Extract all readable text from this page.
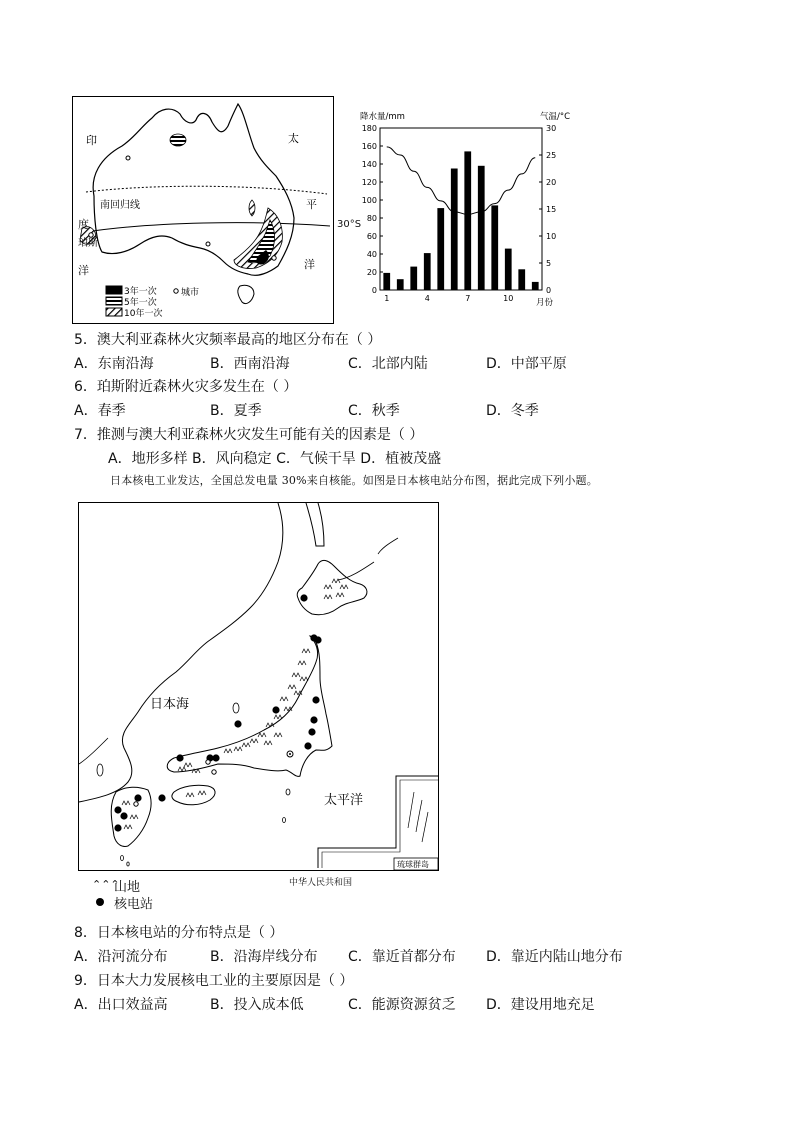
印
度
洋
太
平
洋
南回归线
珀斯
3年一次
5年一次
10年一次
城市
30°S
降水量/mm	气温/°C
月份
180
160
140
120
100
80
60
40
20
0
30
25
20
15
10
5
0
1	4	7	10
5．澳大利亚森林火灾频率最高的地区分布在（ ）
A．东南沿海	B．西南沿海	C．北部内陆	D．中部平原
6．珀斯附近森林火灾多发生在（ ）
A．春季	B．夏季	C．秋季	D．冬季
7．推测与澳大利亚森林火灾发生可能有关的因素是（ ）
A．地形多样 B．风向稳定 C．气候干旱 D．植被茂盛
日本核电工业发达，全国总发电量 30%来自核能。如图是日本核电站分布图，据此完成下列小题。
琉球群岛
日本海
太平洋
中华人民共和国
⌃⌃⌃
山地
核电站
8．日本核电站的分布特点是（ ）
A．沿河流分布	B．沿海岸线分布 C．靠近首都分布 D．靠近内陆山地分布
9．日本大力发展核电工业的主要原因是（ ）
A．出口效益高	B．投入成本低	C．能源资源贫乏 D．建设用地充足
